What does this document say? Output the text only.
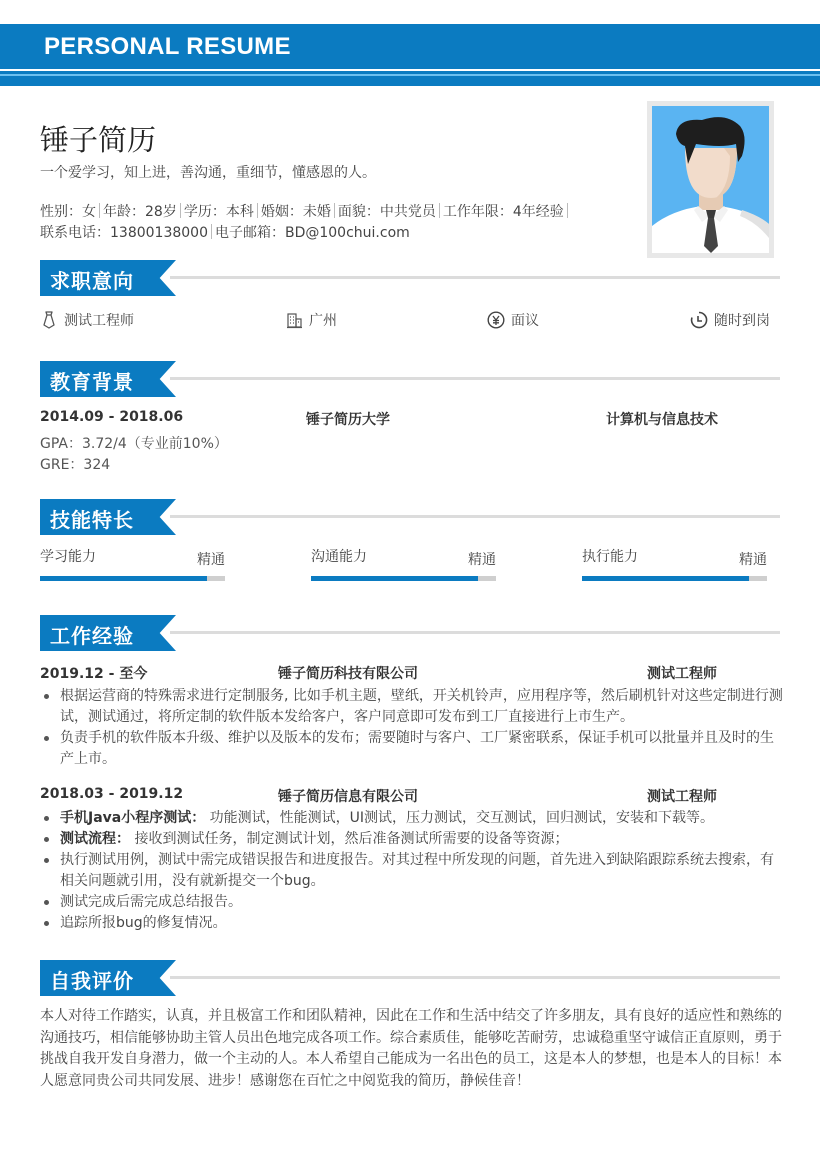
PERSONAL RESUME
锤子简历
一个爱学习，知上进，善沟通，重细节，懂感恩的人。
性别：女 年龄：28岁 学历：本科 婚姻：未婚 面貌：中共党员 工作年限：4年经验
联系电话：13800138000 电子邮箱：BD@100chui.com
求职意向
测试工程师	广州	面议	随时到岗
教育背景
2014.09 - 2018.06	锤子简历大学	计算机与信息技术
GPA：3.72/4（专业前10%）
GRE：324
技能特长
学习能力	精通	沟通能力	精通	执行能力	精通
工作经验
2019.12 - 至今	锤子简历科技有限公司	测试工程师
根据运营商的特殊需求进行定制服务, 比如手机主题，壁纸，开关机铃声，应用程序等，然后刷机针对这些定制进行测试，测试通过，将所定制的软件版本发给客户，客户同意即可发布到工厂直接进行上市生产。
负责手机的软件版本升级、维护以及版本的发布；需要随时与客户、工厂紧密联系，保证手机可以批量并且及时的生产上市。
2018.03 - 2019.12	锤子简历信息有限公司	测试工程师
手机Java小程序测试： 功能测试，性能测试，UI测试，压力测试，交互测试，回归测试，安装和下载等。
测试流程： 接收到测试任务，制定测试计划，然后准备测试所需要的设备等资源；
执行测试用例，测试中需完成错误报告和进度报告。对其过程中所发现的问题，首先进入到缺陷跟踪系统去搜索，有相关问题就引用，没有就新提交一个bug。
测试完成后需完成总结报告。
追踪所报bug的修复情况。
自我评价
本人对待工作踏实，认真，并且极富工作和团队精神，因此在工作和生活中结交了许多朋友，具有良好的适应性和熟练的沟通技巧，相信能够协助主管人员出色地完成各项工作。综合素质佳，能够吃苦耐劳，忠诚稳重坚守诚信正直原则，勇于挑战自我开发自身潜力，做一个主动的人。本人希望自己能成为一名出色的员工，这是本人的梦想，也是本人的目标！本人愿意同贵公司共同发展、进步！感谢您在百忙之中阅览我的简历，静候佳音！
